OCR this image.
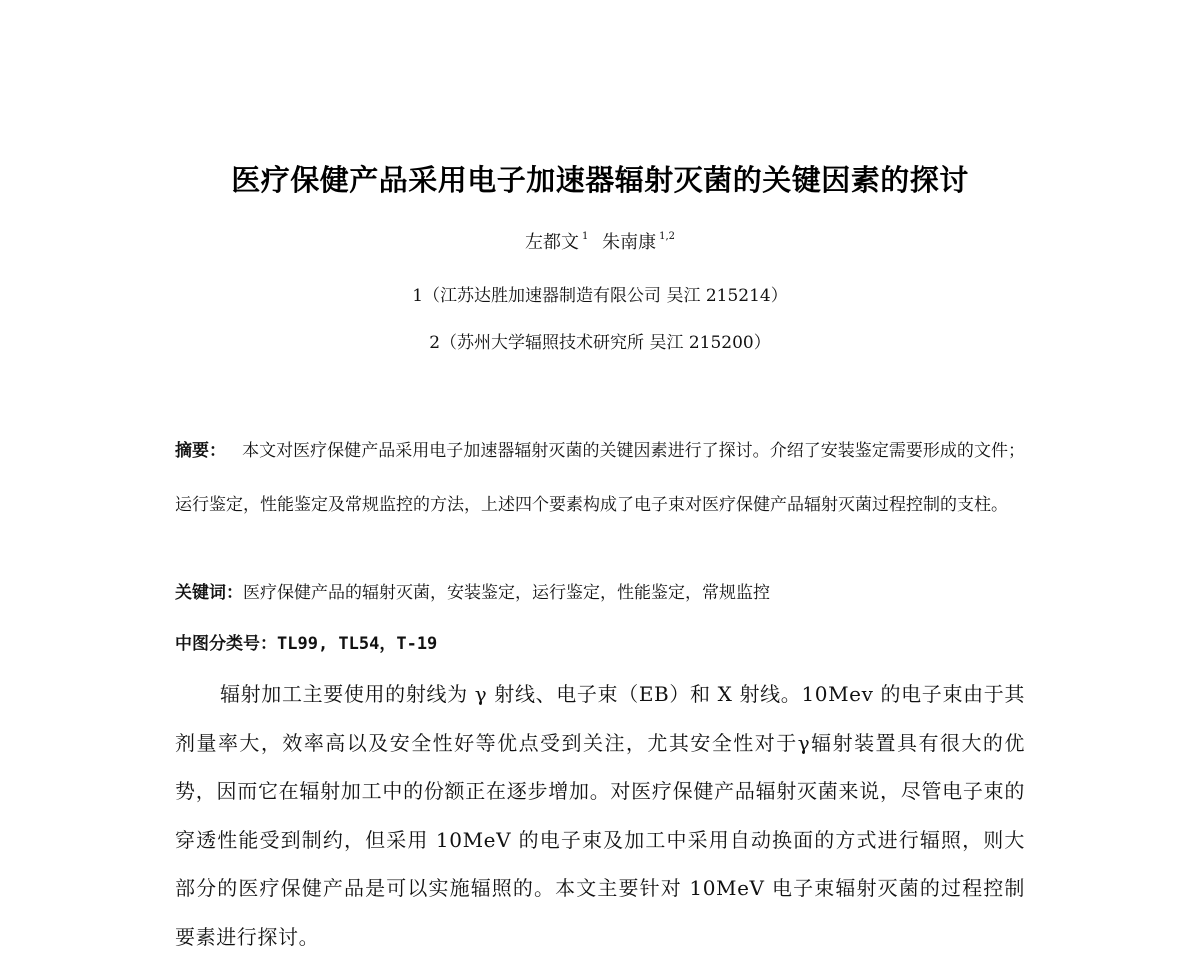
医疗保健产品采用电子加速器辐射灭菌的关键因素的探讨
左都文 $^1$ 朱南康 $^{1,2}$
1（江苏达胜加速器制造有限公司 吴江 215214）
2（苏州大学辐照技术研究所 吴江 215200）
摘要： 本文对医疗保健产品采用电子加速器辐射灭菌的关键因素进行了探讨。介绍了安装鉴定需要形成的文件；运行鉴定，性能鉴定及常规监控的方法，上述四个要素构成了电子束对医疗保健产品辐射灭菌过程控制的支柱。
关键词：医疗保健产品的辐射灭菌，安装鉴定，运行鉴定，性能鉴定，常规监控
中图分类号：TL99, TL54，T-19
辐射加工主要使用的射线为 γ 射线、电子束（EB）和 X 射线。10Mev 的电子束由于其剂量率大，效率高以及安全性好等优点受到关注，尤其安全性对于γ辐射装置具有很大的优势，因而它在辐射加工中的份额正在逐步增加。对医疗保健产品辐射灭菌来说，尽管电子束的穿透性能受到制约，但采用 10MeV 的电子束及加工中采用自动换面的方式进行辐照，则大部分的医疗保健产品是可以实施辐照的。本文主要针对 10MeV 电子束辐射灭菌的过程控制要素进行探讨。
